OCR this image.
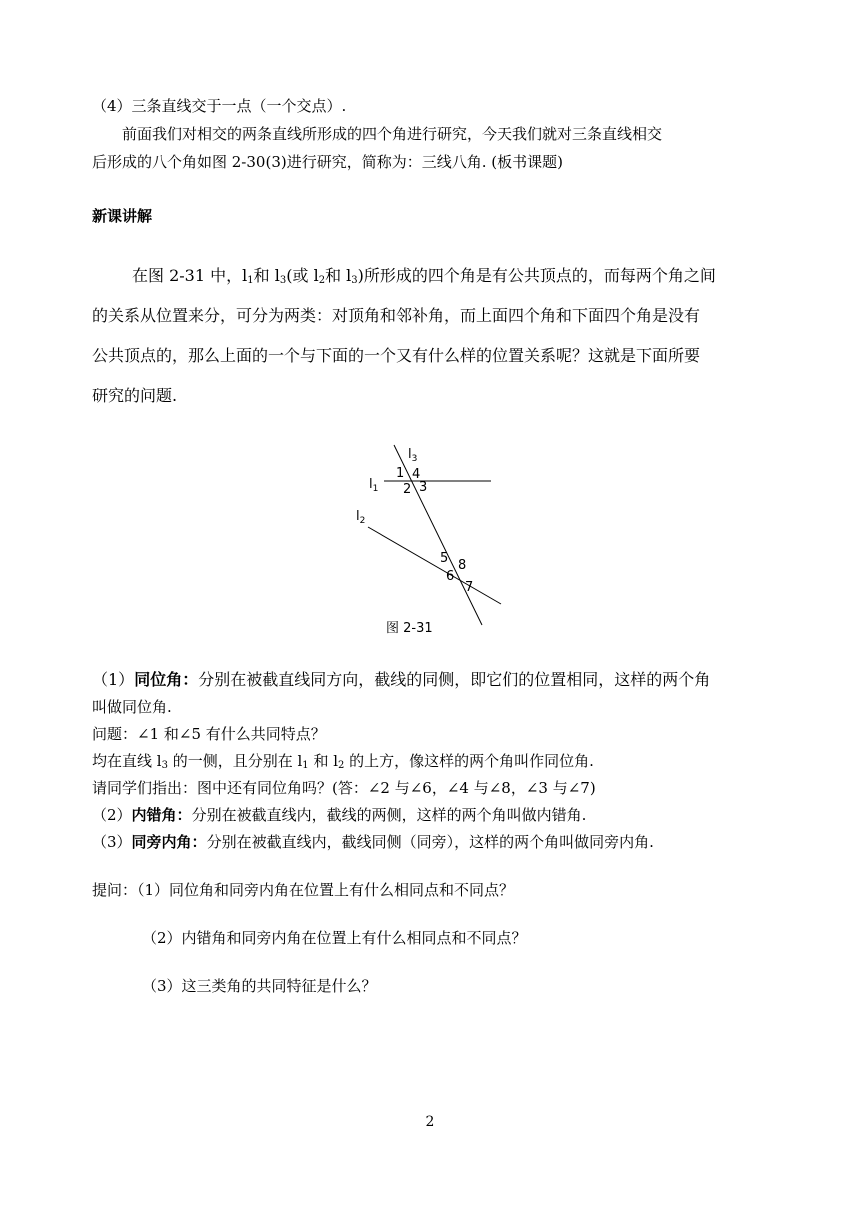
（4）三条直线交于一点（一个交点）.
前面我们对相交的两条直线所形成的四个角进行研究，今天我们就对三条直线相交
后形成的八个角如图 2-30(3)进行研究，简称为：三线八角. (板书课题)
新课讲解
在图 2-31 中，$l_1$和 $l_3$(或 $l_2$和 $l_3$)所形成的四个角是有公共顶点的，而每两个角之间
的关系从位置来分，可分为两类：对顶角和邻补角，而上面四个角和下面四个角是没有
公共顶点的，那么上面的一个与下面的一个又有什么样的位置关系呢？这就是下面所要
研究的问题.
$l_3$
$l_1$
$l_2$
1 4
2 3
5 8
6
7
图 2-31
（1）同位角：分别在被截直线同方向，截线的同侧，即它们的位置相同，这样的两个角
叫做同位角.
问题：∠1 和∠5 有什么共同特点？
均在直线 $l_3$ 的一侧，且分别在 $l_1$ 和 $l_2$ 的上方，像这样的两个角叫作同位角.
请同学们指出：图中还有同位角吗？(答：∠2 与∠6，∠4 与∠8，∠3 与∠7)
（2）内错角：分别在被截直线内，截线的两侧，这样的两个角叫做内错角.
（3）同旁内角：分别在被截直线内，截线同侧（同旁），这样的两个角叫做同旁内角.
提问：（1）同位角和同旁内角在位置上有什么相同点和不同点？
（2）内错角和同旁内角在位置上有什么相同点和不同点？
（3）这三类角的共同特征是什么？
2
